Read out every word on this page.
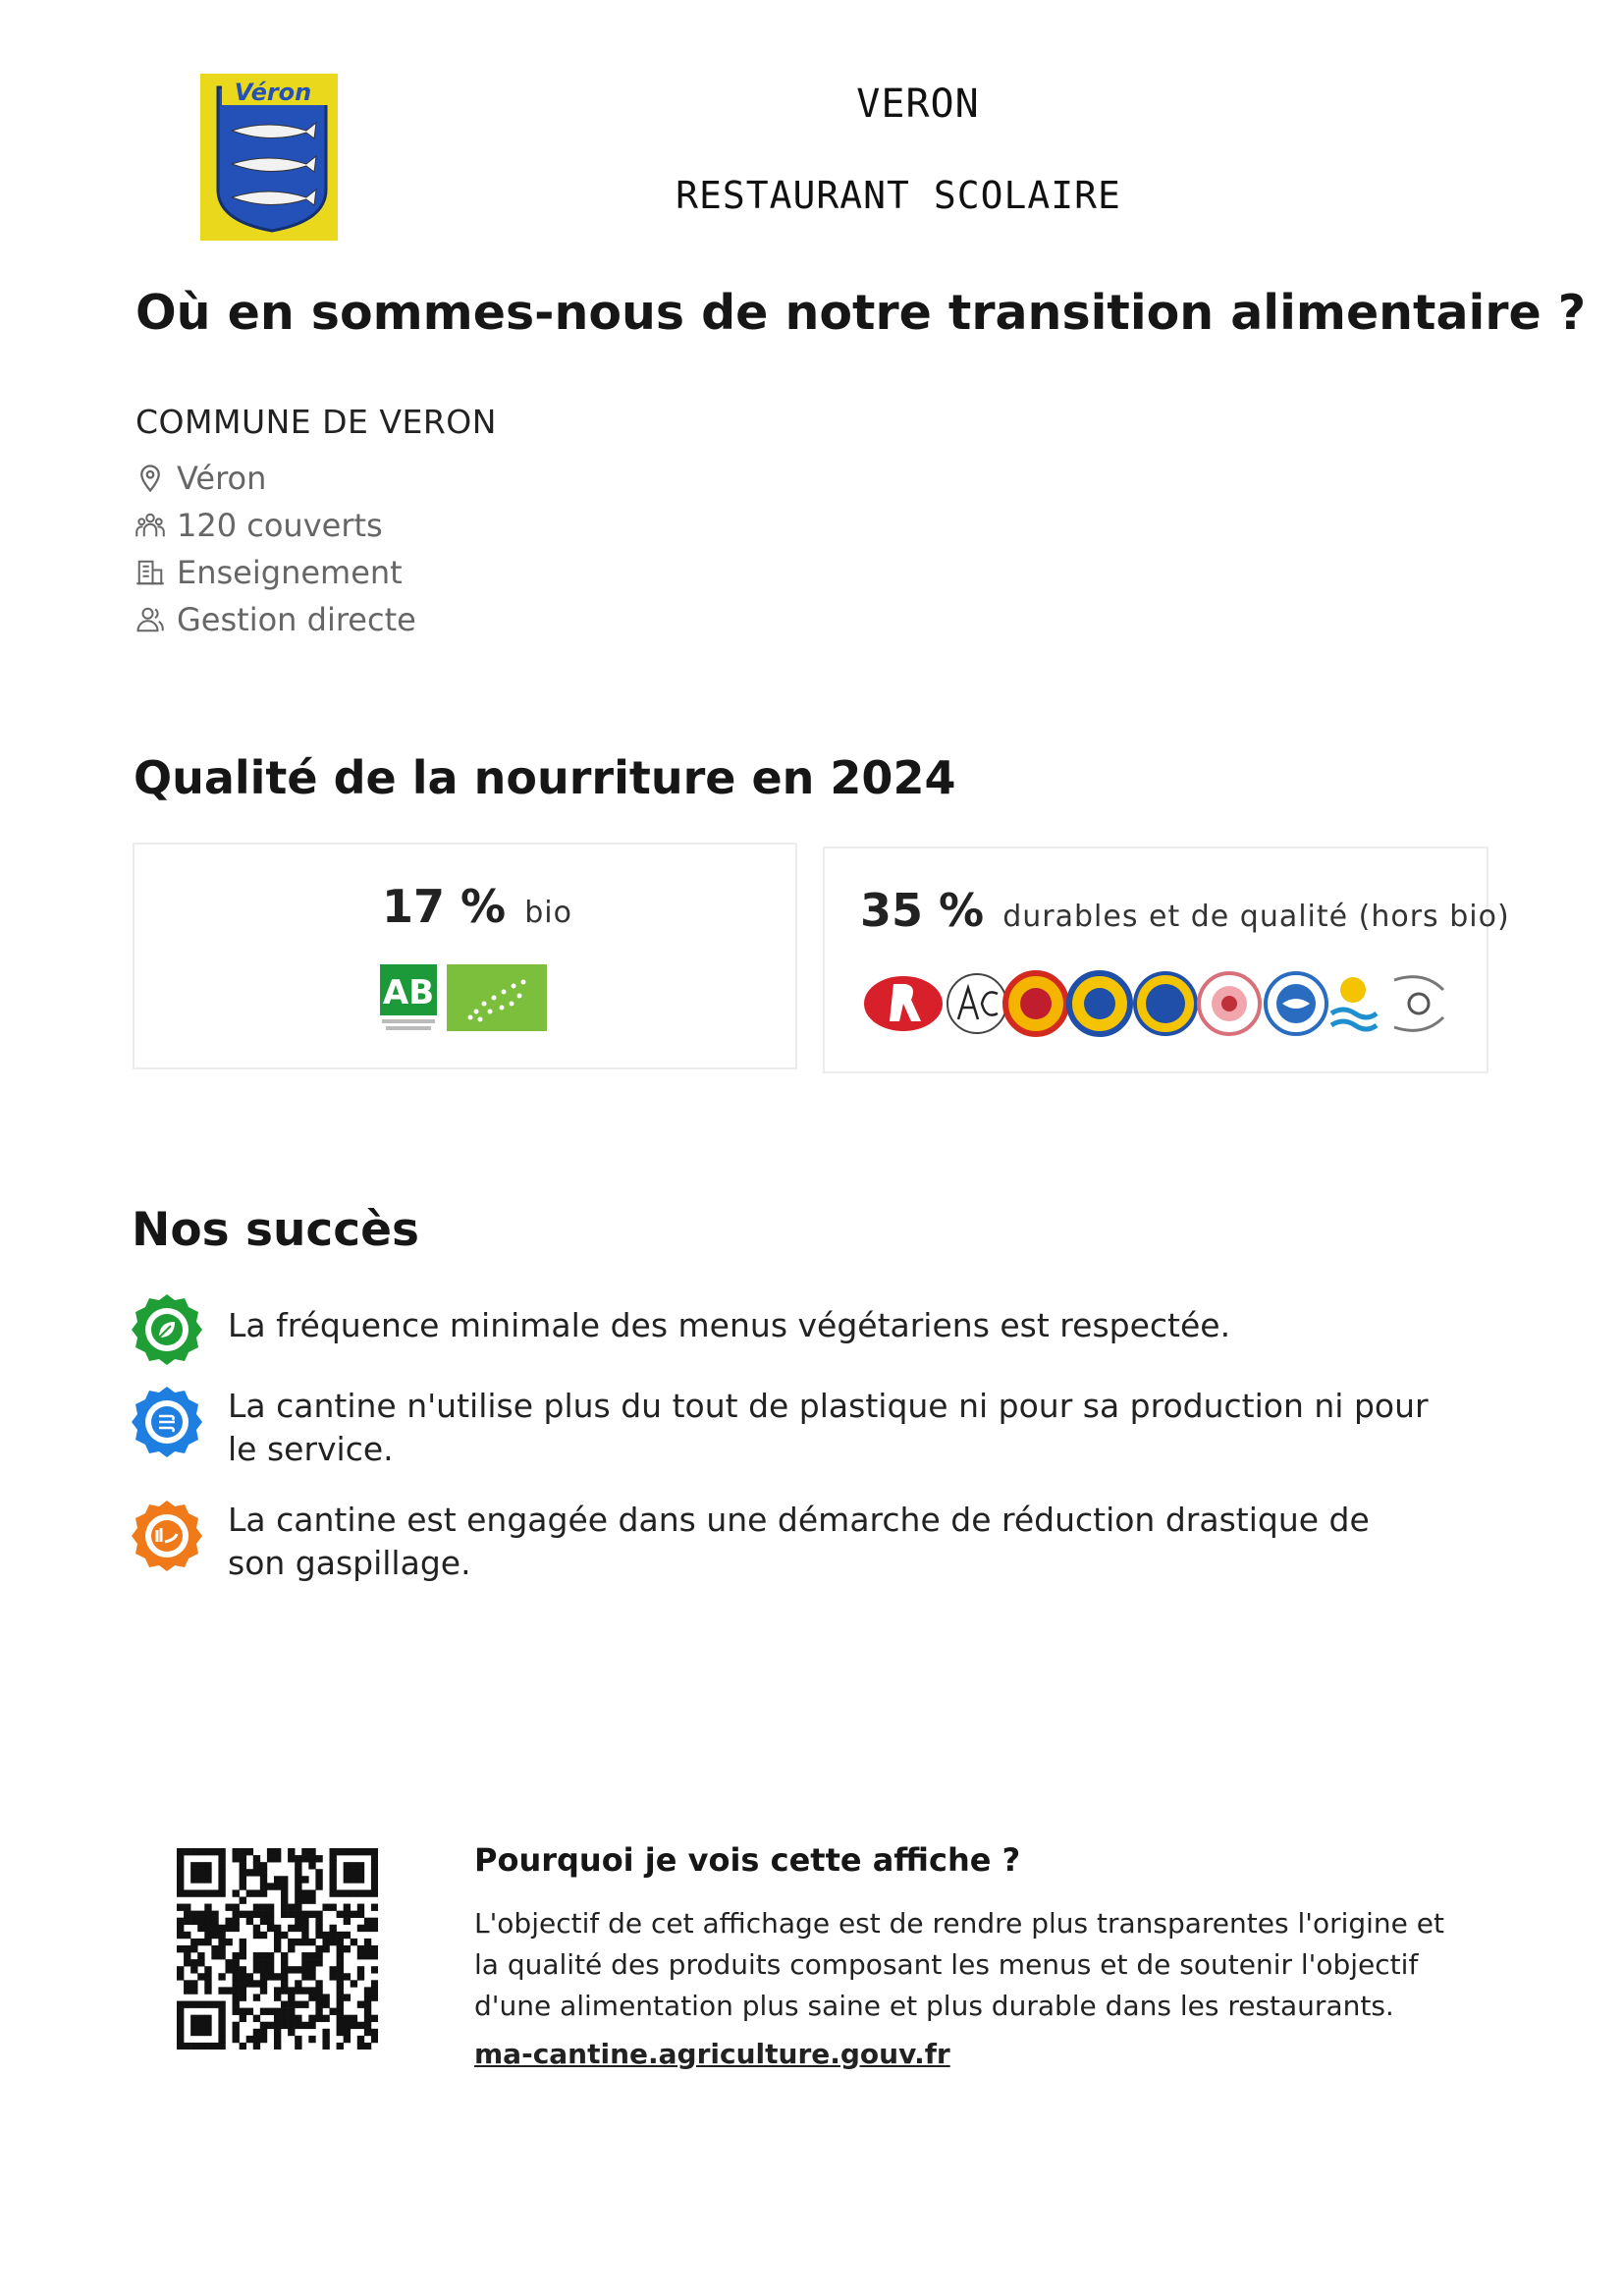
Véron	VERON
RESTAURANT SCOLAIRE
Où en sommes-nous de notre transition alimentaire ?
COMMUNE DE VERON
Véron
120 couverts
Enseignement
Gestion directe
Qualité de la nourriture en 2024
17 % bio
AB
35 % durables et de qualité (hors bio)
Nos succès
La fréquence minimale des menus végétariens est respectée.
La cantine n'utilise plus du tout de plastique ni pour sa production ni pour le service.
La cantine est engagée dans une démarche de réduction drastique de son gaspillage.
Pourquoi je vois cette affiche ?
L'objectif de cet affichage est de rendre plus transparentes l'origine et la qualité des produits composant les menus et de soutenir l'objectif d'une alimentation plus saine et plus durable dans les restaurants.
ma-cantine.agriculture.gouv.fr
